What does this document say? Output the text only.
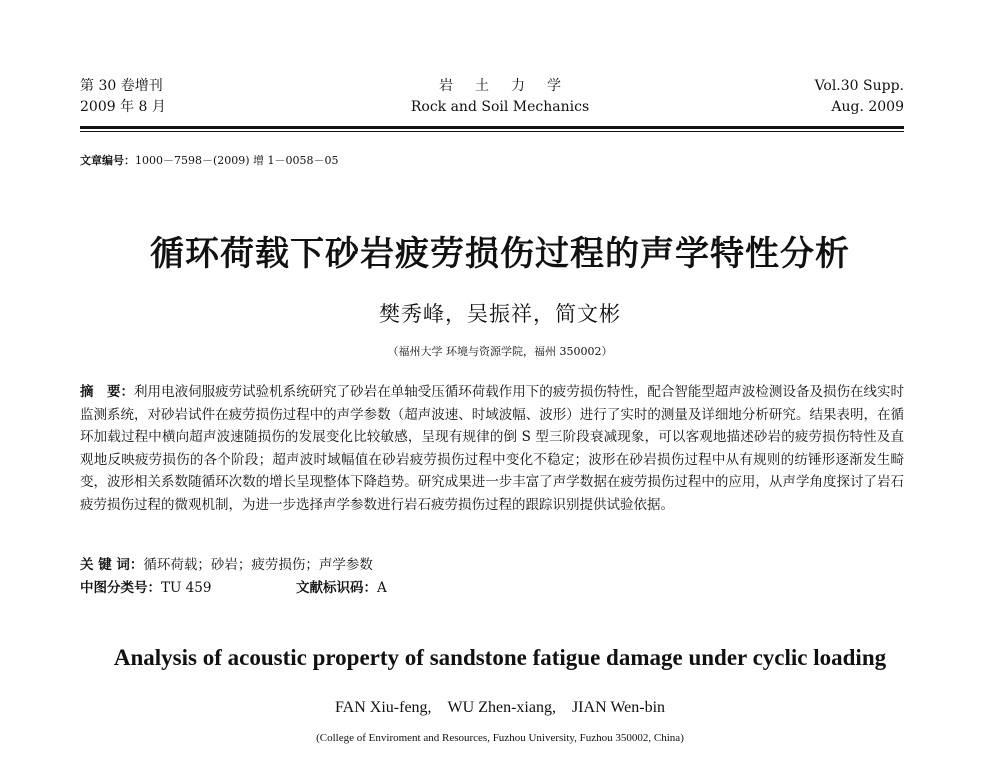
第 30 卷增刊
2009 年 8 月
岩土力学
Rock and Soil Mechanics
Vol.30 Supp.
Aug. 2009
文章编号：1000－7598－(2009) 增 1－0058－05
循环荷载下砂岩疲劳损伤过程的声学特性分析
樊秀峰，吴振祥，简文彬
（福州大学 环境与资源学院，福州 350002）
摘　要：利用电液伺服疲劳试验机系统研究了砂岩在单轴受压循环荷载作用下的疲劳损伤特性，配合智能型超声波检测设备及损伤在线实时监测系统，对砂岩试件在疲劳损伤过程中的声学参数（超声波速、时域波幅、波形）进行了实时的测量及详细地分析研究。结果表明，在循环加载过程中横向超声波速随损伤的发展变化比较敏感，呈现有规律的倒 S 型三阶段衰减现象，可以客观地描述砂岩的疲劳损伤特性及直观地反映疲劳损伤的各个阶段；超声波时域幅值在砂岩疲劳损伤过程中变化不稳定；波形在砂岩损伤过程中从有规则的纺锤形逐渐发生畸变，波形相关系数随循环次数的增长呈现整体下降趋势。研究成果进一步丰富了声学数据在疲劳损伤过程中的应用，从声学角度探讨了岩石疲劳损伤过程的微观机制，为进一步选择声学参数进行岩石疲劳损伤过程的跟踪识别提供试验依据。
关 键 词：循环荷载；砂岩；疲劳损伤；声学参数
中图分类号：TU 459	文献标识码：A
Analysis of acoustic property of sandstone fatigue damage under cyclic loading
FAN Xiu-feng, WU Zhen-xiang, JIAN Wen-bin
(College of Enviroment and Resources, Fuzhou University, Fuzhou 350002, China)
